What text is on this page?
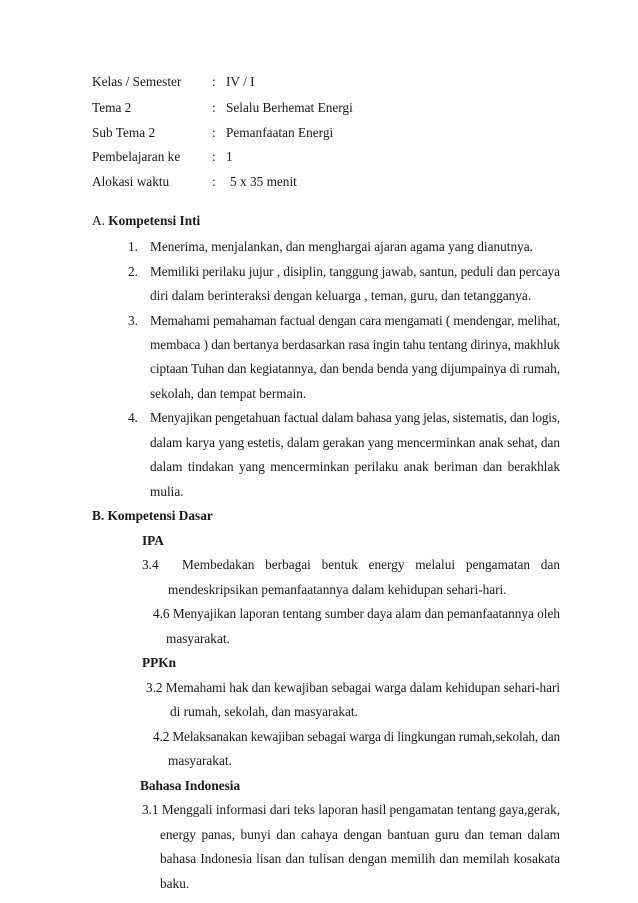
Kelas / Semester : IV / I
Tema 2	: Selalu Berhemat Energi
Sub Tema 2	: Pemanfaatan Energi
Pembelajaran ke : 1
Alokasi waktu	: 5 x 35 menit
A. Kompetensi Inti
1. Menerima, menjalankan, dan menghargai ajaran agama yang dianutnya.
2. Memiliki perilaku jujur , disiplin, tanggung jawab, santun, peduli dan percaya
diri dalam berinteraksi dengan keluarga , teman, guru, dan tetangganya.
3. Memahami pemahaman factual dengan cara mengamati ( mendengar, melihat,
membaca ) dan bertanya berdasarkan rasa ingin tahu tentang dirinya, makhluk
ciptaan Tuhan dan kegiatannya, dan benda benda yang dijumpainya di rumah,
sekolah, dan tempat bermain.
4. Menyajikan pengetahuan factual dalam bahasa yang jelas, sistematis, dan logis,
dalam karya yang estetis, dalam gerakan yang mencerminkan anak sehat, dan
dalam tindakan yang mencerminkan perilaku anak beriman dan berakhlak
mulia.
B. Kompetensi Dasar
IPA
3.4 Membedakan berbagai bentuk energy melalui pengamatan dan
mendeskripsikan pemanfaatannya dalam kehidupan sehari-hari.
4.6 Menyajikan laporan tentang sumber daya alam dan pemanfaatannya oleh
masyarakat.
PPKn
3.2 Memahami hak dan kewajiban sebagai warga dalam kehidupan sehari-hari
di rumah, sekolah, dan masyarakat.
4.2 Melaksanakan kewajiban sebagai warga di lingkungan rumah,sekolah, dan
masyarakat.
Bahasa Indonesia
3.1 Menggali informasi dari teks laporan hasil pengamatan tentang gaya,gerak,
energy panas, bunyi dan cahaya dengan bantuan guru dan teman dalam
bahasa Indonesia lisan dan tulisan dengan memilih dan memilah kosakata
baku.
